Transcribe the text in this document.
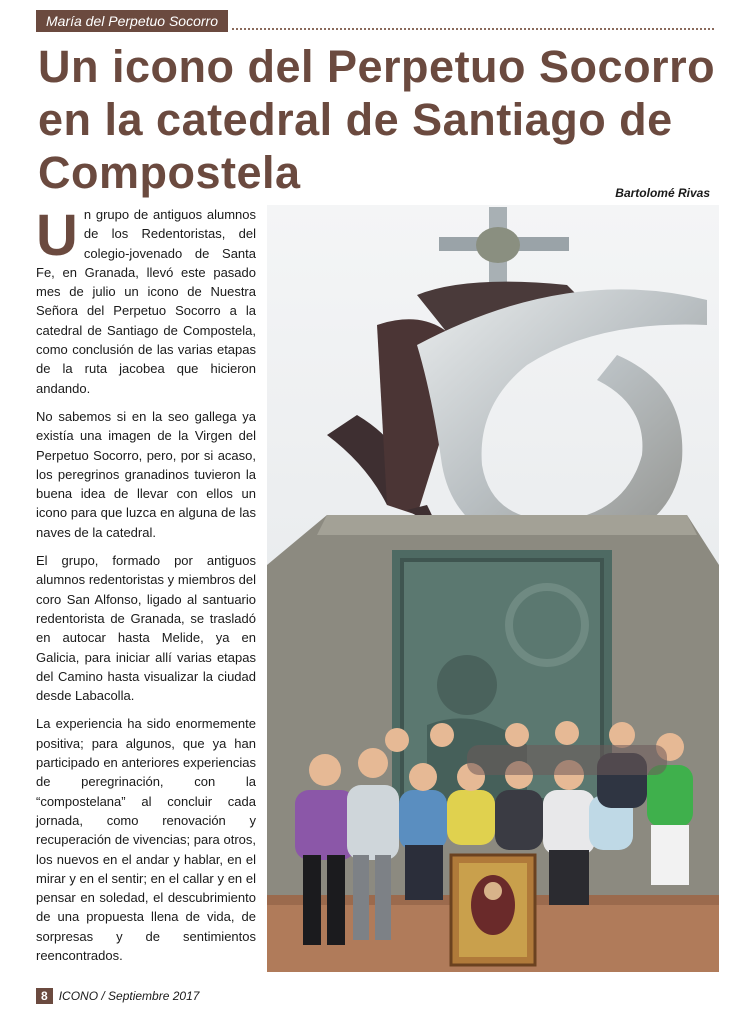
María del Perpetuo Socorro
Un icono del Perpetuo Socorro en la catedral de Santiago de Compostela	Bartolomé Rivas

Un grupo de antiguos alumnos de los Redentoristas, del colegio-jovenado de Santa Fe, en Granada, llevó este pasado mes de julio un icono de Nuestra Señora del Perpetuo Socorro a la catedral de Santiago de Compostela, como conclusión de las varias etapas de la ruta jacobea que hicieron andando.

No sabemos si en la seo gallega ya existía una imagen de la Virgen del Perpetuo Socorro, pero, por si acaso, los peregrinos granadinos tuvieron la buena idea de llevar con ellos un icono para que luzca en alguna de las naves de la catedral.

El grupo, formado por antiguos alumnos redentoristas y miembros del coro San Alfonso, ligado al santuario redentorista de Granada, se trasladó en autocar hasta Melide, ya en Galicia, para iniciar allí varias etapas del Camino hasta visualizar la ciudad desde Labacolla.

La experiencia ha sido enormemente positiva; para algunos, que ya han participado en anteriores experiencias de peregrinación, con la “compostelana” al concluir cada jornada, como renovación y recuperación de vivencias; para otros, los nuevos en el andar y hablar, en el mirar y en el sentir; en el callar y en el pensar en soledad, el descubrimiento de una propuesta llena de vida, de sorpresas y de sentimientos reencontrados.

8 ICONO / Septiembre 2017
